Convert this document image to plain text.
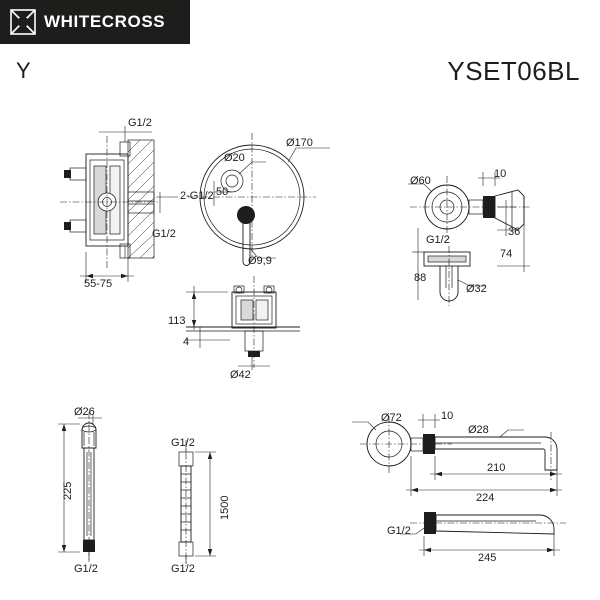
WHITECROSS
Y	YSET06BL
G1/2
2-G1/2
G1/2
55-75
Ø170
Ø20
50
Ø9,9
Ø60
10
G1/2
36
74
88
Ø32
113
4
Ø42
Ø26
225
G1/2
G1/2
1500
G1/2
Ø72	10
Ø28
210
224
G1/2
245
